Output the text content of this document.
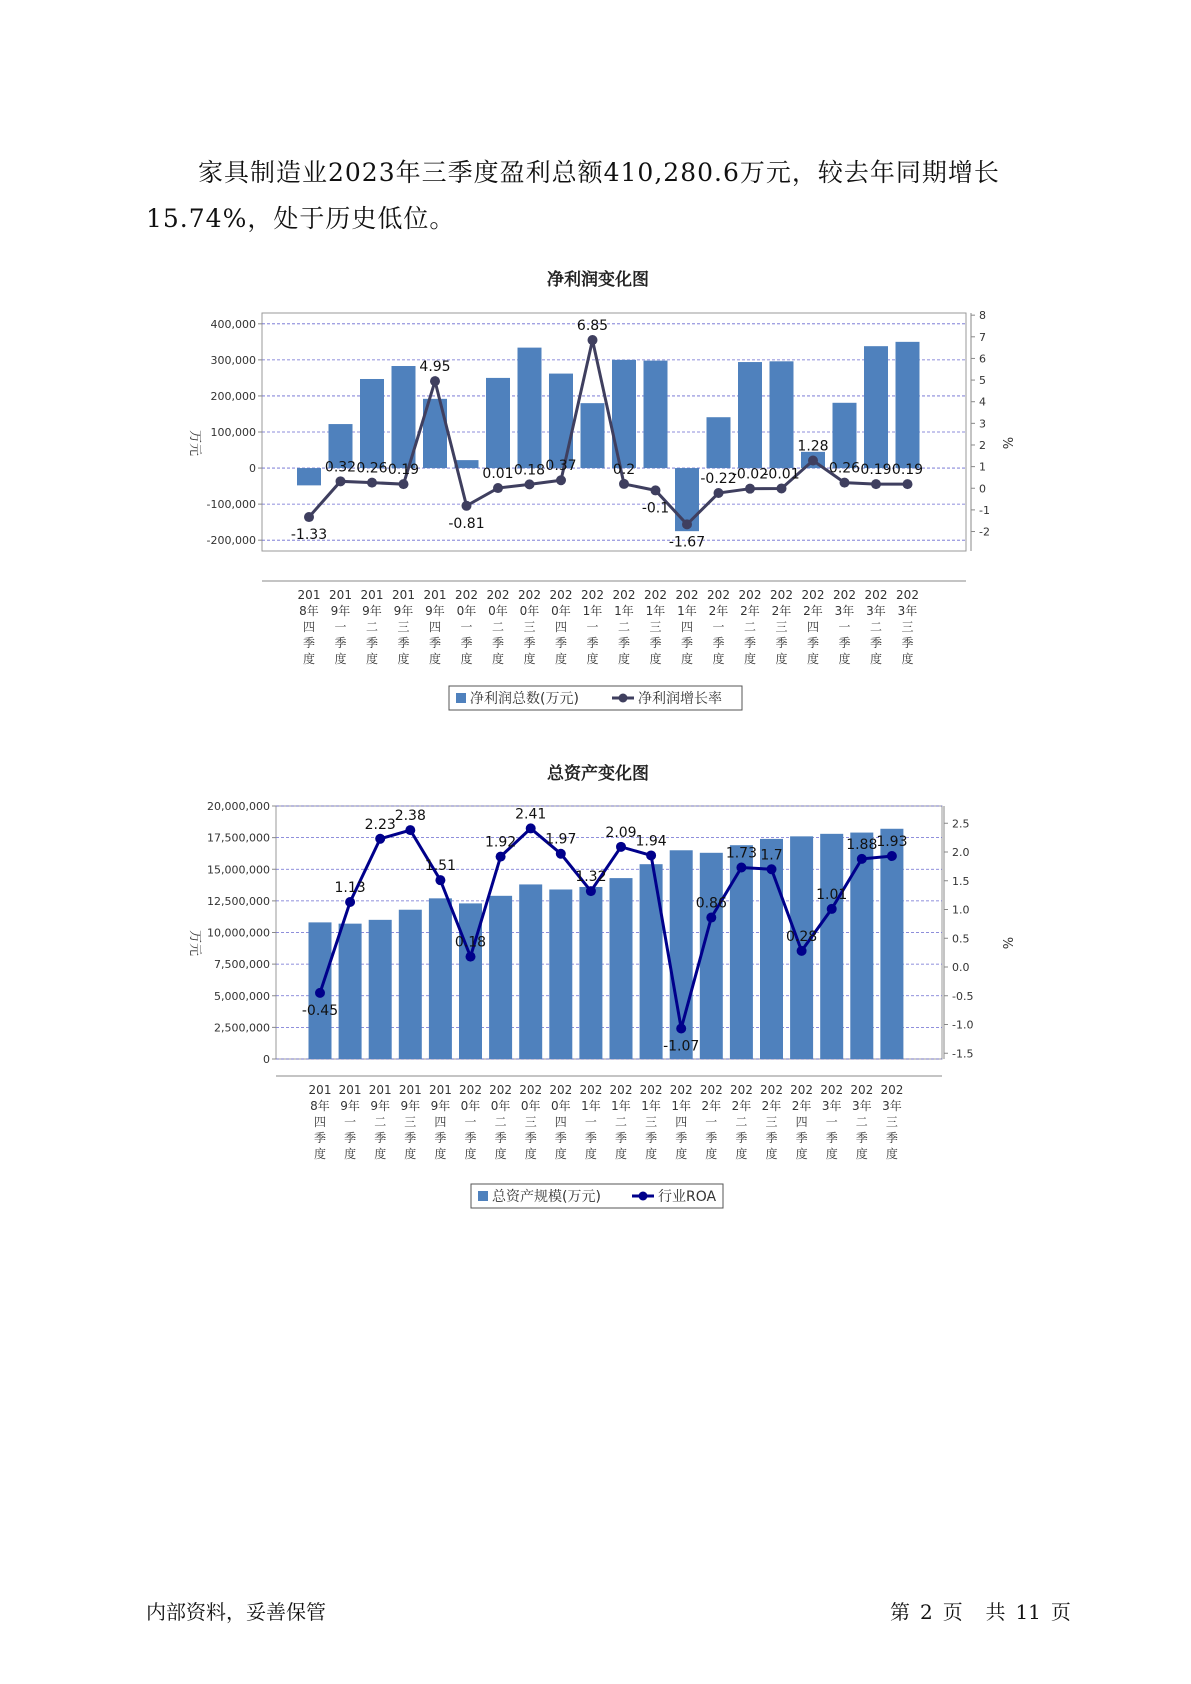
家具制造业2023年三季度盈利总额410,280.6万元，较去年同期增长
15.74%，处于历史低位。
净利润变化图
400,000
300,000
200,000
100,000
0
-100,000
-200,000
8
7
6
5
4
3
2
1
0
-1
-2
万元	%
-1.33
0.32 0.26 0.19
4.95
-0.81
0.01 0.18 0.37
6.85
0.2
-0.1
-1.67
-0.22
-0.02
-0.01
1.28
0.26 0.19 0.19
201 8年四季度
201 9年一季度
201 9年二季度
201 9年三季度
201 9年四季度
202 0年一季度
202 0年二季度
202 0年三季度
202 0年四季度
202 1年一季度
202 1年二季度
202 1年三季度
202 1年四季度
202 2年一季度
202 2年二季度
202 2年三季度
202 2年四季度
202 3年一季度
202 3年二季度
202 3年三季度
净利润总数(万元)	净利润增长率
总资产变化图
20,000,000
17,500,000
15,000,000
12,500,000
10,000,000
7,500,000
5,000,000
2,500,000
0
2.5
2.0
1.5
1.0
0.5
0.0
-0.5
-1.0
-1.5
万元	%
-0.45
1.13
2.23
2.38
1.51
0.18
1.92
2.41
1.97
1.32
2.09
1.94
-1.07
0.86
1.73 1.7
0.28
1.01
1.88
1.93
201 8年四季度
201 9年一季度
201 9年二季度
201 9年三季度
201 9年四季度
202 0年一季度
202 0年二季度
202 0年三季度
202 0年四季度
202 1年一季度
202 1年二季度
202 1年三季度
202 1年四季度
202 2年一季度
202 2年二季度
202 2年三季度
202 2年四季度
202 3年一季度
202 3年二季度
202 3年三季度
总资产规模(万元)	行业ROA
内部资料，妥善保管	第 2 页 共 11 页
